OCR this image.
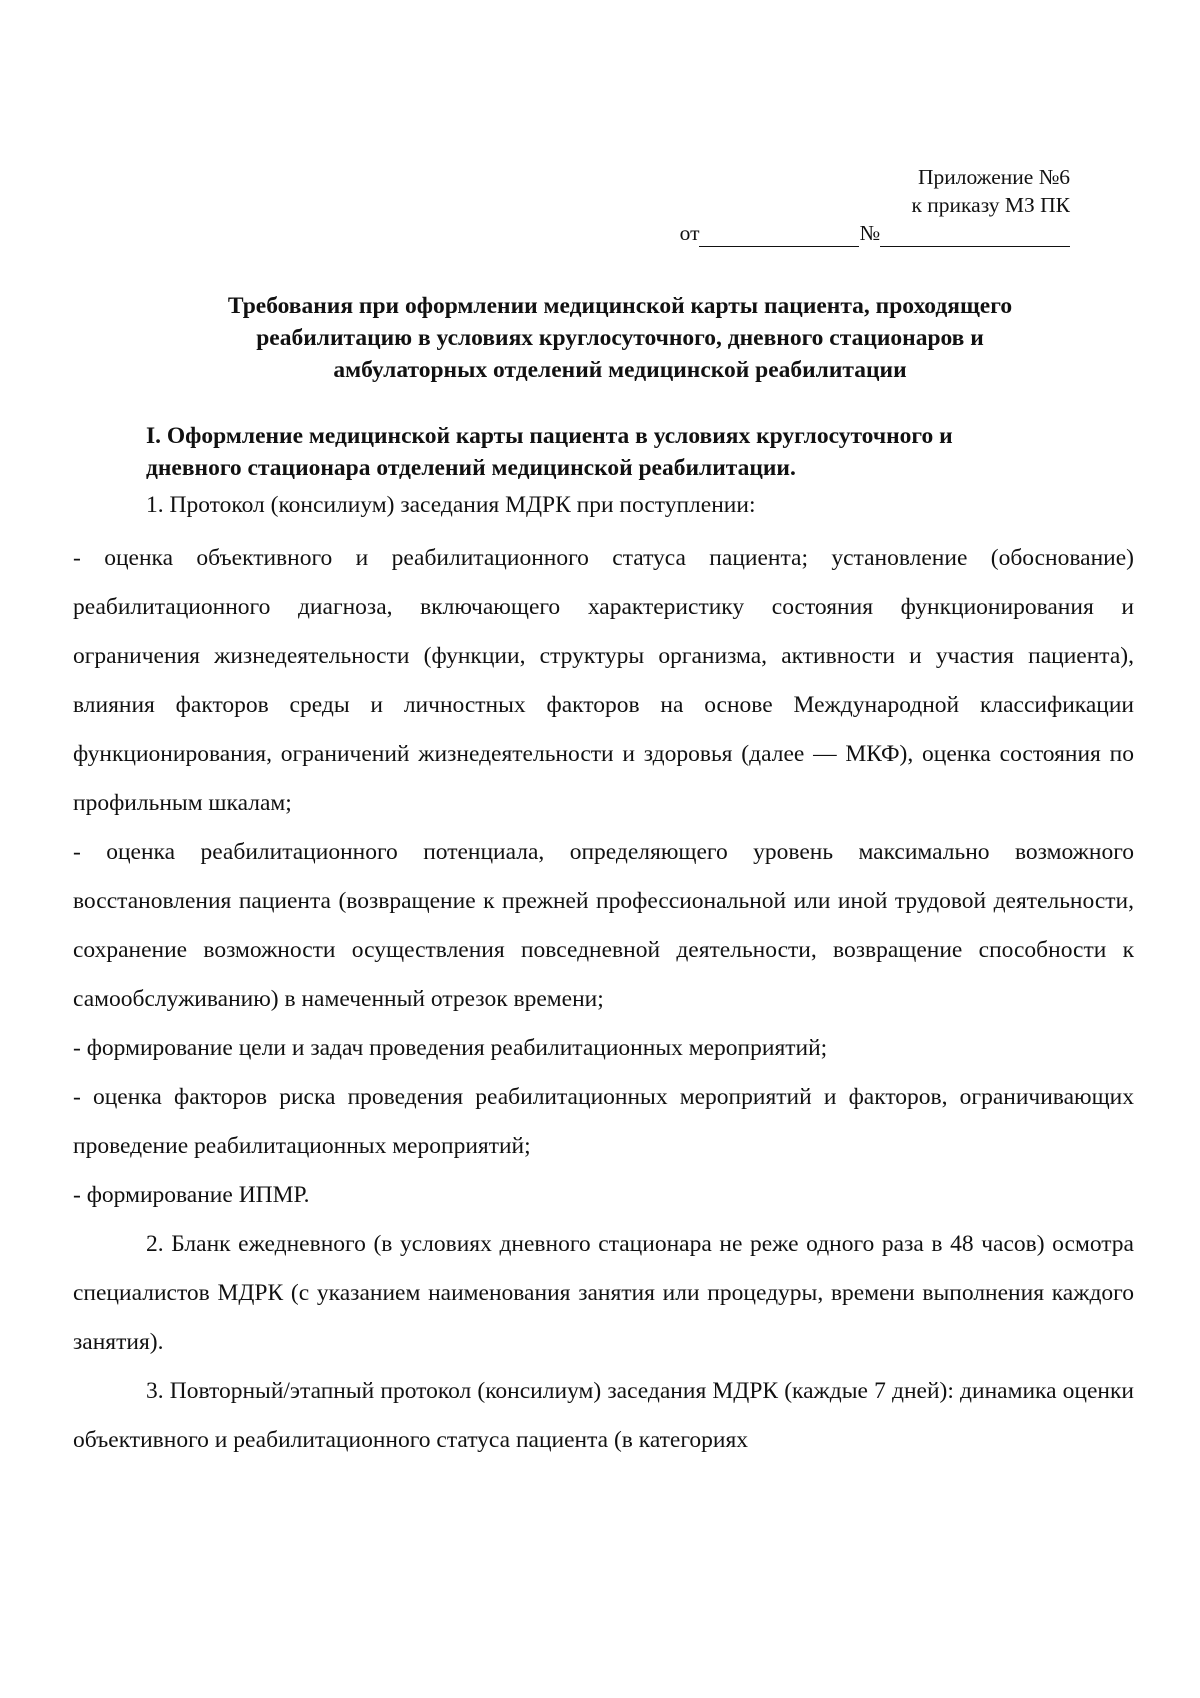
Приложение №6
к приказу МЗ ПК
от	№
Требования при оформлении медицинской карты пациента, проходящего
реабилитацию в условиях круглосуточного, дневного стационаров и
амбулаторных отделений медицинской реабилитации
I. Оформление медицинской карты пациента в условиях круглосуточного и
дневного стационара отделений медицинской реабилитации.

1. Протокол (консилиум) заседания МДРК при поступлении:

- оценка объективного и реабилитационного статуса пациента; установление (обоснование) реабилитационного диагноза, включающего характеристику состояния функционирования и ограничения жизнедеятельности (функции, структуры организма, активности и участия пациента), влияния факторов среды и личностных факторов на основе Международной классификации функционирования, ограничений жизнедеятельности и здоровья (далее — МКФ), оценка состояния по профильным шкалам;

- оценка реабилитационного потенциала, определяющего уровень максимально возможного восстановления пациента (возвращение к прежней профессиональной или иной трудовой деятельности, сохранение возможности осуществления повседневной деятельности, возвращение способности к самообслуживанию) в намеченный отрезок времени;

- формирование цели и задач проведения реабилитационных мероприятий;

- оценка факторов риска проведения реабилитационных мероприятий и факторов, ограничивающих проведение реабилитационных мероприятий;

- формирование ИПМР.

2. Бланк ежедневного (в условиях дневного стационара не реже одного раза в 48 часов) осмотра специалистов МДРК (с указанием наименования занятия или процедуры, времени выполнения каждого занятия).

3. Повторный/этапный протокол (консилиум) заседания МДРК (каждые 7 дней): динамика оценки объективного и реабилитационного статуса пациента (в категориях
